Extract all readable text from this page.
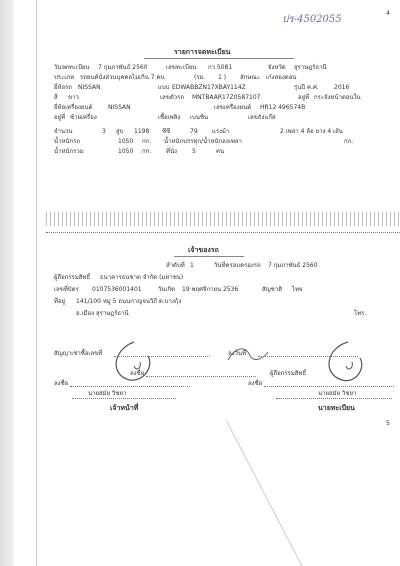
4
ปร-4502055
รายการจดทะเบียน
วันจดทะเบียน 7 กุมภาพันธ์ 2560	เลขทะเบียน กว 5081	จังหวัด สุราษฎร์ธานี
ประเภท รถยนต์นั่งส่วนบุคคลไม่เกิน 7 คน	(รย. 1 ) ลักษณะ เก๋งสองตอน
ยี่ห้อรถ NISSAN	แบบ EDWABBZN17XBAY114Z	รุ่นปี ค.ศ.	2016
สี ขาว	เลขตัวรถ MNTBAAR17Z0587107	อยู่ที่ กระจังหน้าตอนใน
ยี่ห้อเครื่องยนต์	NISSAN	เลขเครื่องยนต์ HR12 496574B
อยู่ที่ ซ้ายเครื่อง	เชื้อเพลิง เบนซิน	เลขถังแก๊ส
จำนวน	3 สูบ 1198 ซีซี	79 แรงม้า	2 เพลา 4 ล้อ ยาง 4 เส้น
น้ำหนักรถ	1050 กก. น้ำหนักบรรทุก/น้ำหนักลงเพลา	กก.
น้ำหนักรวม	1050 กก. ที่นั่ง	5	คน
เจ้าของรถ
ลำดับที่ 1	วันที่ครอบครองรถ 7 กุมภาพันธ์ 2560
ผู้ถือกรรมสิทธิ์ ธนาคารธนชาต จำกัด (มหาชน)
เลขที่บัตร 0107536001401	วันเกิด 19 พฤศจิกายน 2536	สัญชาติ ไทย
ที่อยู่ 141/100 หมู่ 5 ถนนกาญจนวิถี ต.บางกุ้ง
อ.เมือง สุราษฎร์ธานี	โทร.
สัญญาเช่าซื้อเลขที่	ลงวันที่
ลงชื่อ	ผู้ถือกรรมสิทธิ์
ลงชื่อ	ลงชื่อ
นายสมัย วิชยา	นายสมัย วิชยา
เจ้าหน้าที่	นายทะเบียน
5
